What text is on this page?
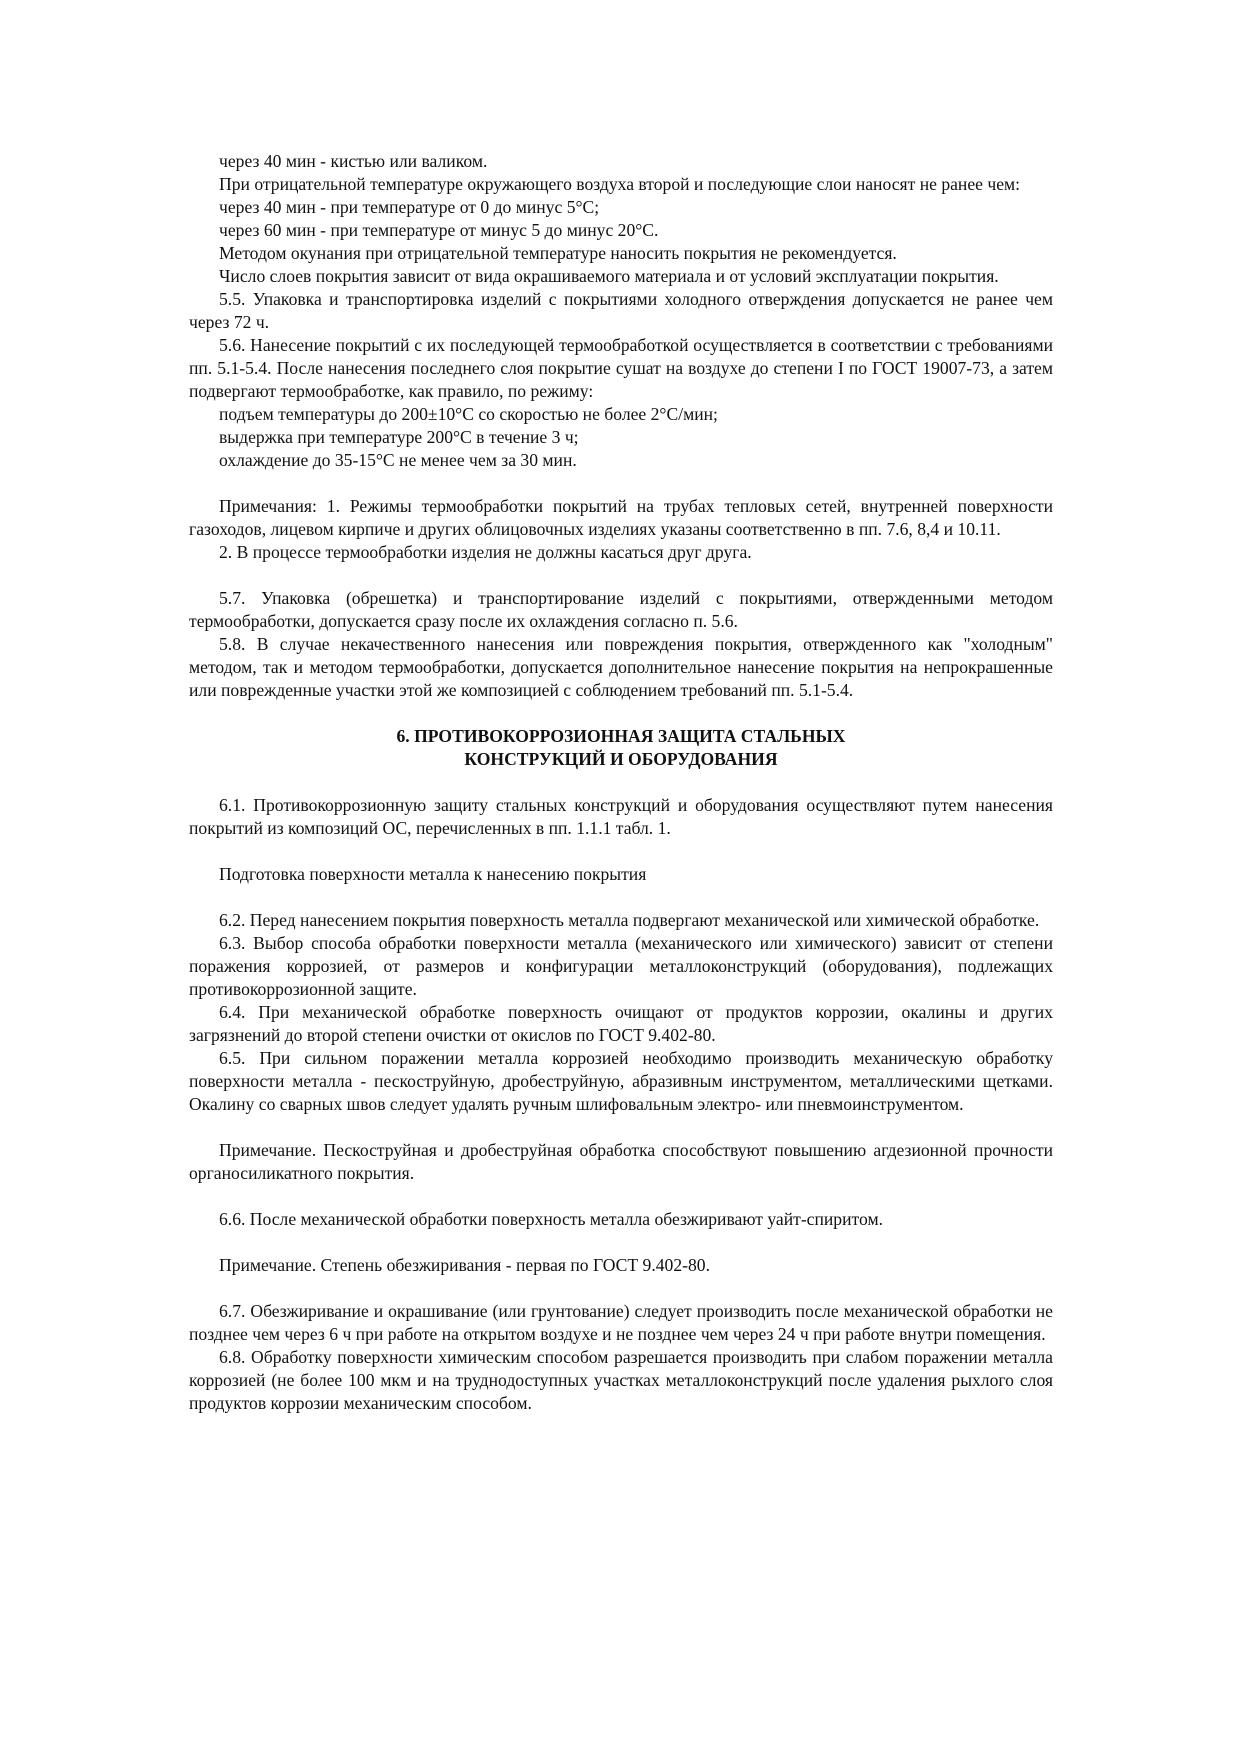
через 40 мин - кистью или валиком.

При отрицательной температуре окружающего воздуха второй и последующие слои наносят не ранее чем:

через 40 мин - при температуре от 0 до минус 5°С;

через 60 мин - при температуре от минус 5 до минус 20°С.

Методом окунания при отрицательной температуре наносить покрытия не рекомендуется.

Число слоев покрытия зависит от вида окрашиваемого материала и от условий эксплуатации покрытия.

5.5. Упаковка и транспортировка изделий с покрытиями холодного отверждения допускается не ранее чем через 72 ч.

5.6. Нанесение покрытий с их последующей термообработкой осуществляется в соответствии с требованиями пп. 5.1-5.4. После нанесения последнего слоя покрытие сушат на воздухе до степени I по ГОСТ 19007-73, а затем подвергают термообработке, как правило, по режиму:

подъем температуры до 200±10°С со скоростью не более 2°С/мин;

выдержка при температуре 200°С в течение 3 ч;

охлаждение до 35-15°С не менее чем за 30 мин.

Примечания: 1. Режимы термообработки покрытий на трубах тепловых сетей, внутренней поверхности газоходов, лицевом кирпиче и других облицовочных изделиях указаны соответственно в пп. 7.6, 8,4 и 10.11.

2. В процессе термообработки изделия не должны касаться друг друга.

5.7. Упаковка (обрешетка) и транспортирование изделий с покрытиями, отвержденными методом термообработки, допускается сразу после их охлаждения согласно п. 5.6.

5.8. В случае некачественного нанесения или повреждения покрытия, отвержденного как "холодным" методом, так и методом термообработки, допускается дополнительное нанесение покрытия на непрокрашенные или поврежденные участки этой же композицией с соблюдением требований пп. 5.1-5.4.

6. ПРОТИВОКОРРОЗИОННАЯ ЗАЩИТА СТАЛЬНЫХ
КОНСТРУКЦИЙ И ОБОРУДОВАНИЯ

6.1. Противокоррозионную защиту стальных конструкций и оборудования осуществляют путем нанесения покрытий из композиций ОС, перечисленных в пп. 1.1.1 табл. 1.

Подготовка поверхности металла к нанесению покрытия

6.2. Перед нанесением покрытия поверхность металла подвергают механической или химической обработке.

6.3. Выбор способа обработки поверхности металла (механического или химического) зависит от степени поражения коррозией, от размеров и конфигурации металлоконструкций (оборудования), подлежащих противокоррозионной защите.

6.4. При механической обработке поверхность очищают от продуктов коррозии, окалины и других загрязнений до второй степени очистки от окислов по ГОСТ 9.402-80.

6.5. При сильном поражении металла коррозией необходимо производить механическую обработку поверхности металла - пескоструйную, дробеструйную, абразивным инструментом, металлическими щетками. Окалину со сварных швов следует удалять ручным шлифовальным электро- или пневмоинструментом.

Примечание. Пескоструйная и дробеструйная обработка способствуют повышению агдезионной прочности органосиликатного покрытия.

6.6. После механической обработки поверхность металла обезжиривают уайт-спиритом.

Примечание. Степень обезжиривания - первая по ГОСТ 9.402-80.

6.7. Обезжиривание и окрашивание (или грунтование) следует производить после механической обработки не позднее чем через 6 ч при работе на открытом воздухе и не позднее чем через 24 ч при работе внутри помещения.

6.8. Обработку поверхности химическим способом разрешается производить при слабом поражении металла коррозией (не более 100 мкм и на труднодоступных участках металлоконструкций после удаления рыхлого слоя продуктов коррозии механическим способом.
